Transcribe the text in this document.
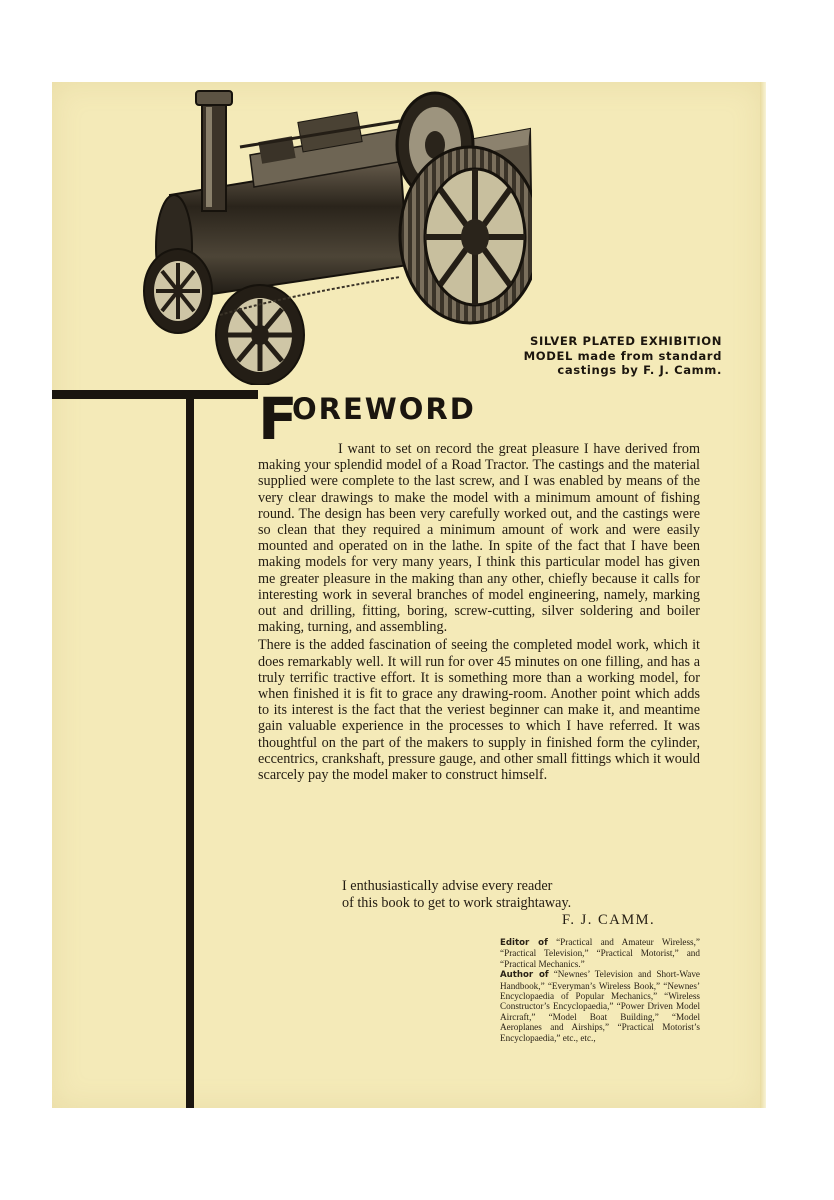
SILVER PLATED EXHIBITION
MODEL made from standard
castings by F. J. Camm.
F
OREWORD

I want to set on record the great pleasure I have derived from making your splendid model of a Road Tractor. The castings and the material supplied were complete to the last screw, and I was enabled by means of the very clear drawings to make the model with a minimum amount of fishing round. The design has been very carefully worked out, and the castings were so clean that they required a minimum amount of work and were easily mounted and operated on in the lathe. In spite of the fact that I have been making models for very many years, I think this particular model has given me greater pleasure in the making than any other, chiefly because it calls for interesting work in several branches of model engineering, namely, marking out and drilling, fitting, boring, screw-cutting, silver soldering and boiler making, turning, and assembling.

There is the added fascination of seeing the completed model work, which it does remarkably well. It will run for over 45 minutes on one filling, and has a truly terrific tractive effort. It is something more than a working model, for when finished it is fit to grace any drawing-room. Another point which adds to its interest is the fact that the veriest beginner can make it, and meantime gain valuable experience in the processes to which I have referred. It was thoughtful on the part of the makers to supply in finished form the cylinder, eccentrics, crankshaft, pressure gauge, and other small fittings which it would scarcely pay the model maker to construct himself.

I enthusiastically advise every reader
of this book to get to work straightaway.
F. J. CAMM.

Editor of “Practical and Amateur Wireless,” “Practical Television,” “Practical Motorist,” and “Practical Mechanics.”

Author of “Newnes’ Television and Short-Wave Handbook,” “Everyman’s Wireless Book,” “Newnes’ Encyclopaedia of Popular Mechanics,” “Wireless Constructor’s Encyclopaedia,” “Power Driven Model Aircraft,” “Model Boat Building,” “Model Aeroplanes and Airships,” “Practical Motorist’s Encyclopaedia,” etc., etc.,
